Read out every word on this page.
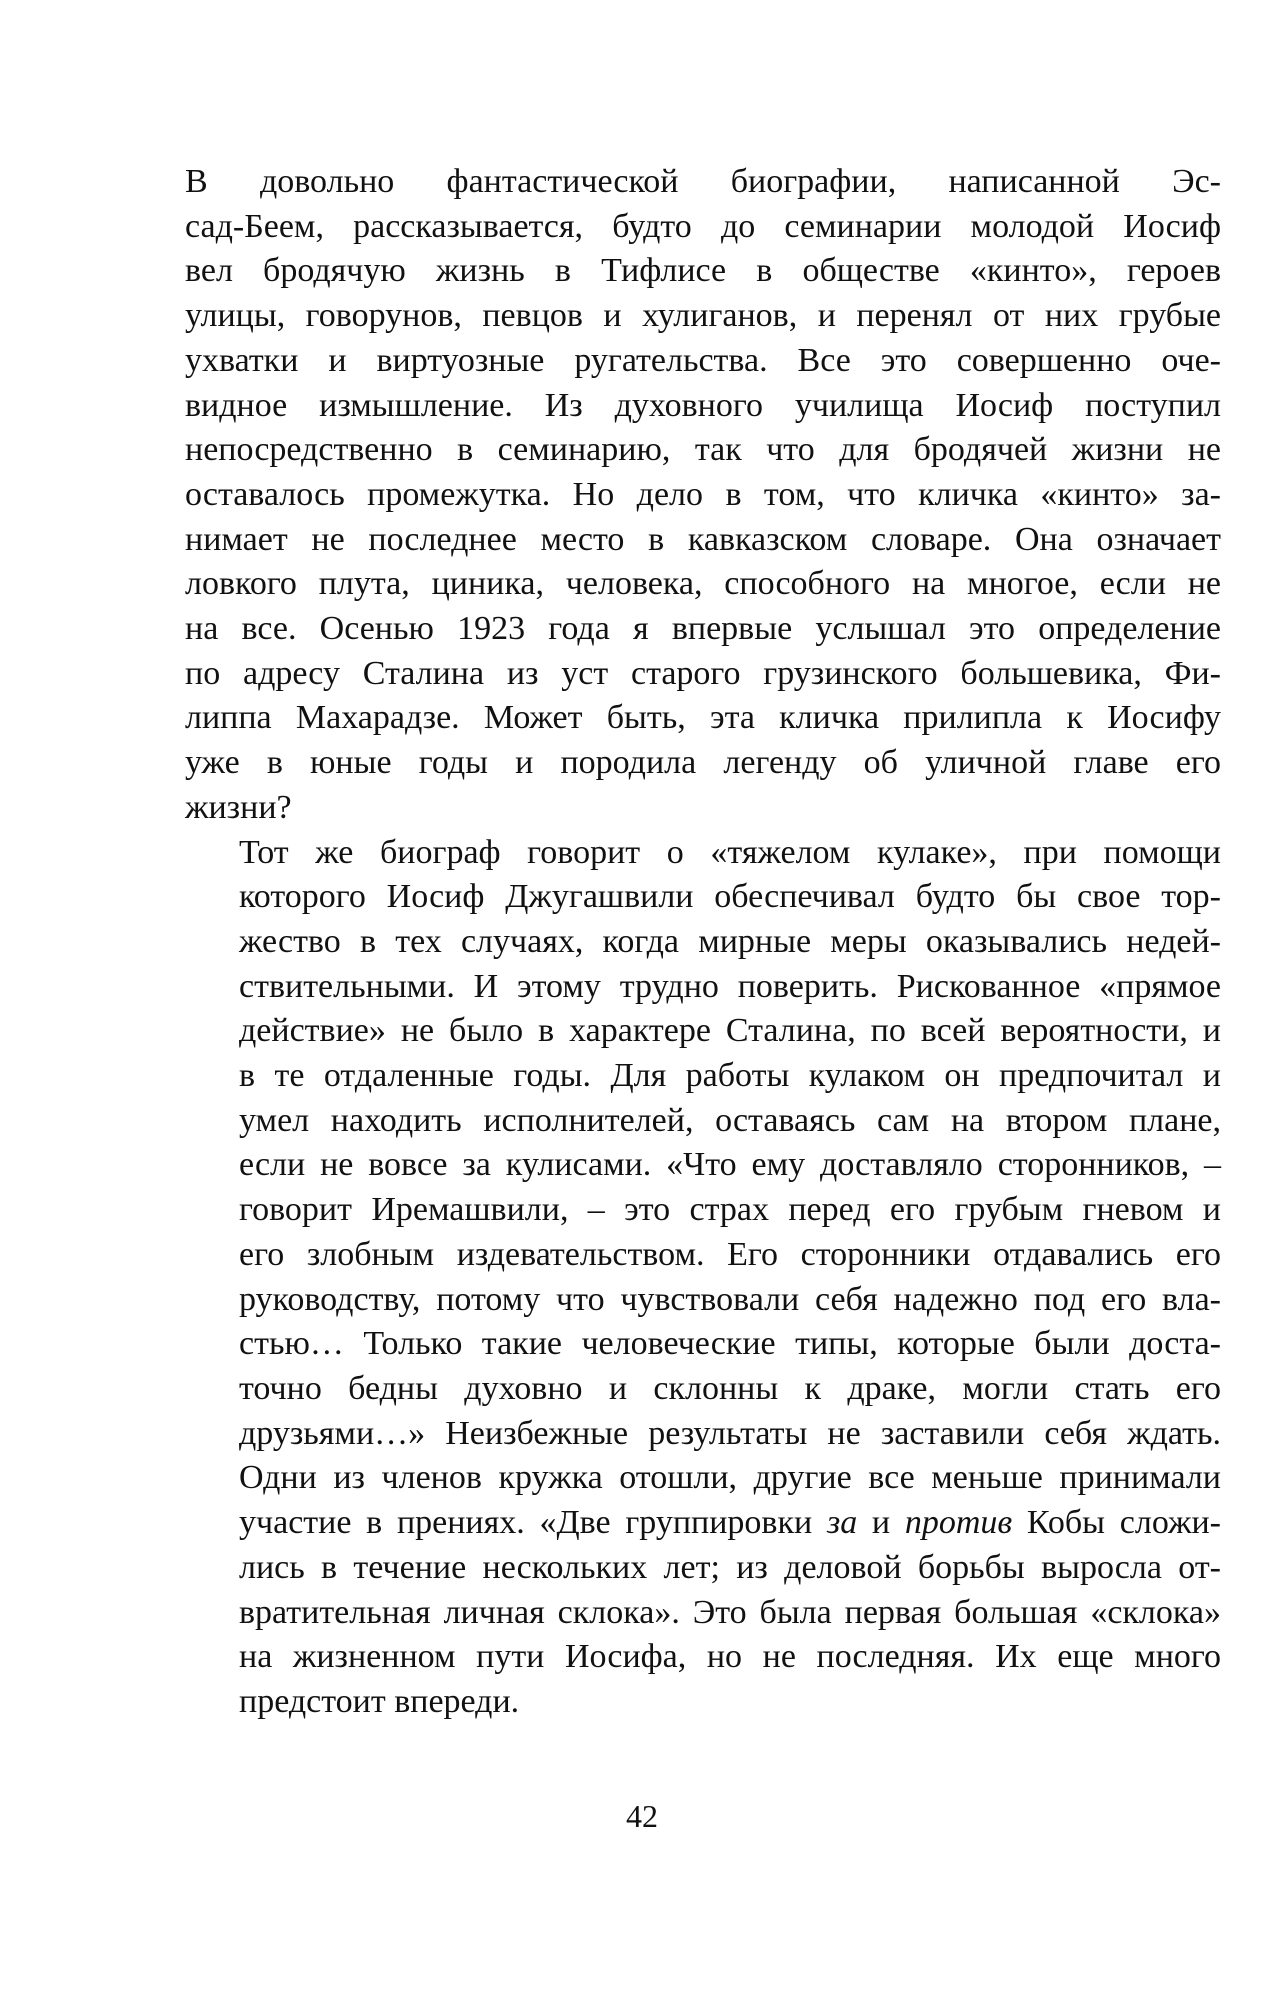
В довольно фантастической биографии, написанной Эс-
сад-Беем, рассказывается, будто до семинарии молодой Иосиф
вел бродячую жизнь в Тифлисе в обществе «кинто», героев
улицы, говорунов, певцов и хулиганов, и перенял от них грубые
ухватки и виртуозные ругательства. Все это совершенно оче-
видное измышление. Из духовного училища Иосиф поступил
непосредственно в семинарию, так что для бродячей жизни не
оставалось промежутка. Но дело в том, что кличка «кинто» за-
нимает не последнее место в кавказском словаре. Она означает
ловкого плута, циника, человека, способного на многое, если не
на все. Осенью 1923 года я впервые услышал это определение
по адресу Сталина из уст старого грузинского большевика, Фи-
липпа Махарадзе. Может быть, эта кличка прилипла к Иосифу
уже в юные годы и породила легенду об уличной главе его
жизни?

Тот же биограф говорит о «тяжелом кулаке», при помощи
которого Иосиф Джугашвили обеспечивал будто бы свое тор-
жество в тех случаях, когда мирные меры оказывались недей-
ствительными. И этому трудно поверить. Рискованное «прямое
действие» не было в характере Сталина, по всей вероятности, и
в те отдаленные годы. Для работы кулаком он предпочитал и
умел находить исполнителей, оставаясь сам на втором плане,
если не вовсе за кулисами. «Что ему доставляло сторонников, –
говорит Иремашвили, – это страх перед его грубым гневом и
его злобным издевательством. Его сторонники отдавались его
руководству, потому что чувствовали себя надежно под его вла-
стью… Только такие человеческие типы, которые были доста-
точно бедны духовно и склонны к драке, могли стать его
друзьями…» Неизбежные результаты не заставили себя ждать.
Одни из членов кружка отошли, другие все меньше принимали
участие в прениях. «Две группировки за и против Кобы сложи-
лись в течение нескольких лет; из деловой борьбы выросла от-
вратительная личная склока». Это была первая большая «склока»
на жизненном пути Иосифа, но не последняя. Их еще много
предстоит впереди.

42
